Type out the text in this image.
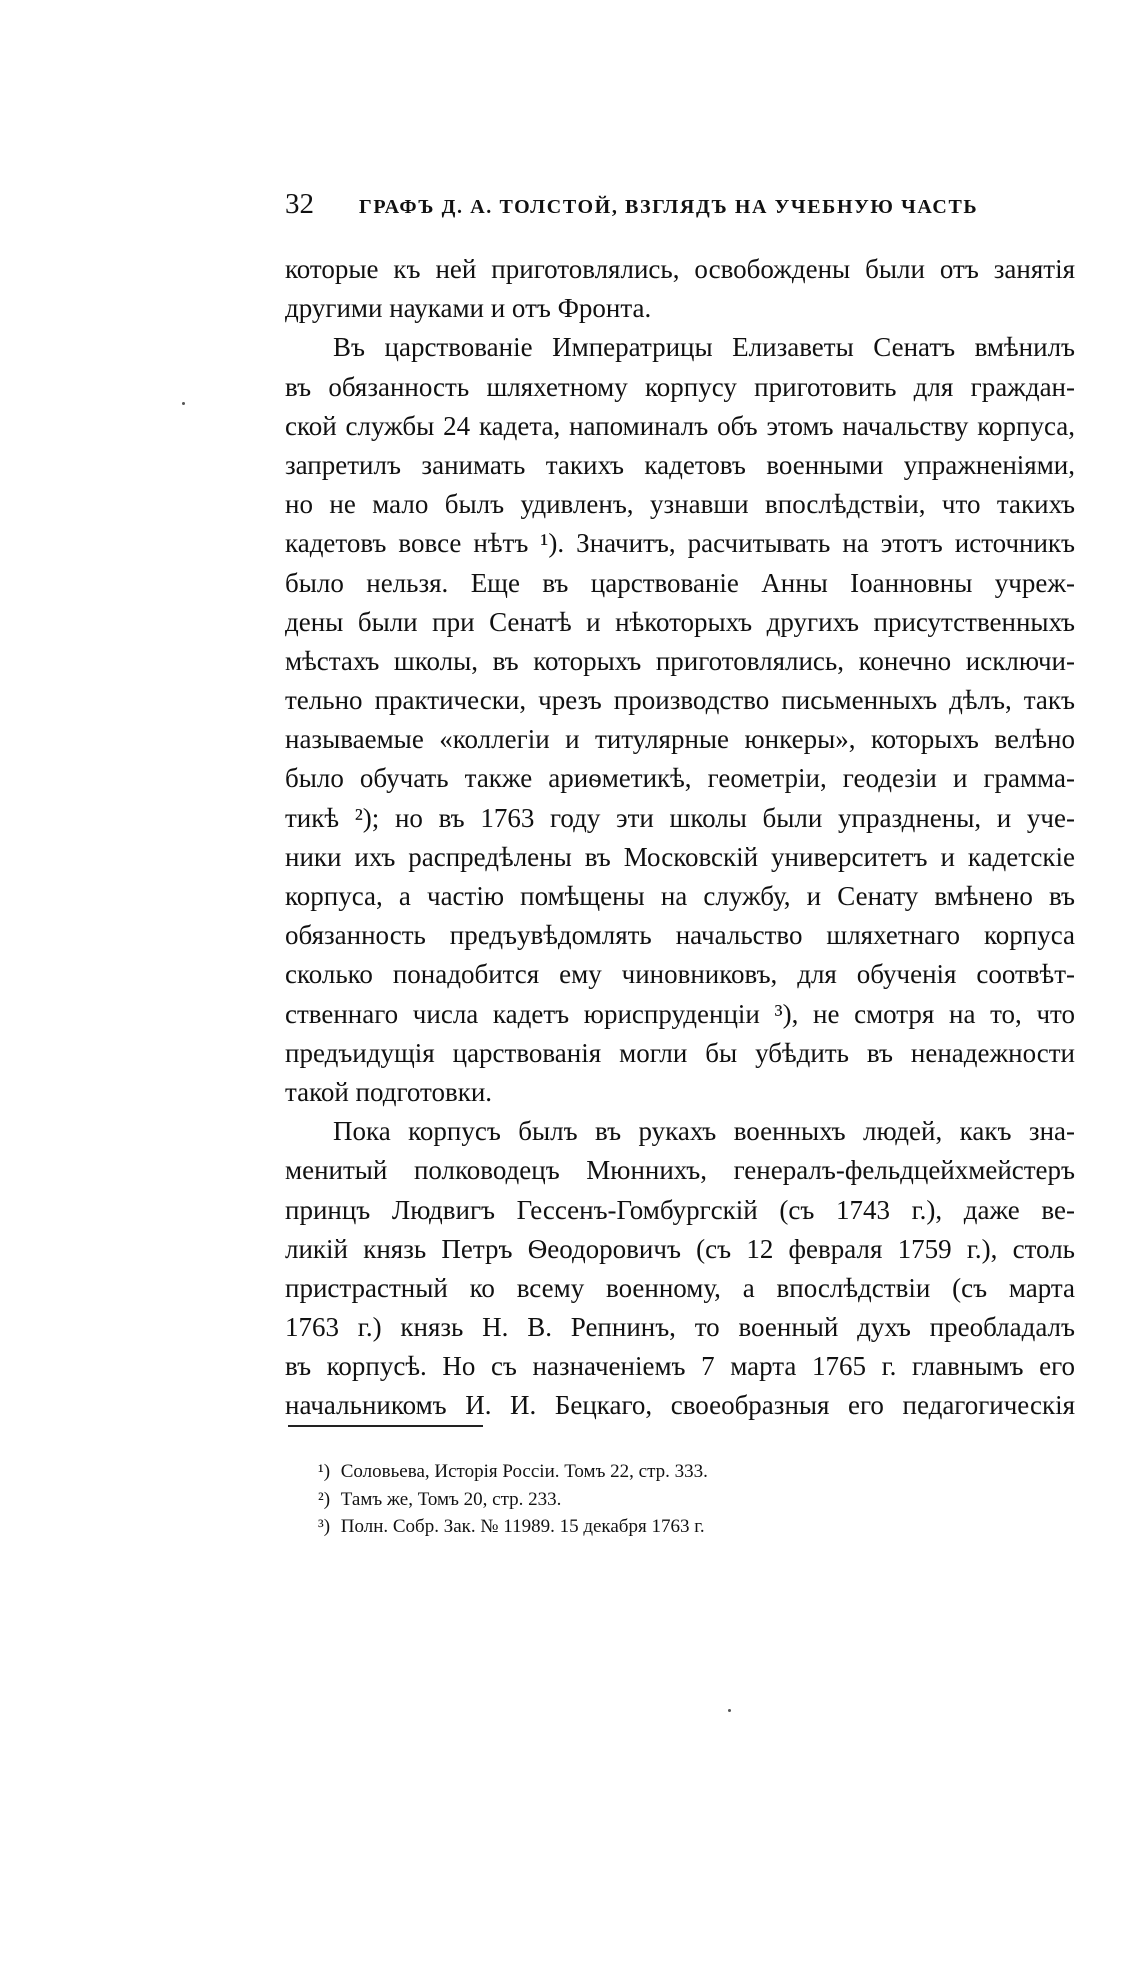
32 ГРАФЪ Д. А. ТОЛСТОЙ, ВЗГЛЯДЪ НА УЧЕБНУЮ ЧАСТЬ
которые къ ней приготовлялись, освобождены были отъ занятія
другими науками и отъ Фронта.
Въ царствованіе Императрицы Елизаветы Сенатъ вмѣнилъ
въ обязанность шляхетному корпусу приготовить для граждан-
ской службы 24 кадета, напоминалъ объ этомъ начальству корпуса,
запретилъ занимать такихъ кадетовъ военными упражненіями,
но не мало былъ удивленъ, узнавши впослѣдствіи, что такихъ
кадетовъ вовсе нѣтъ ¹). Значитъ, расчитывать на этотъ источникъ
было нельзя. Еще въ царствованіе Анны Іоанновны учреж-
дены были при Сенатѣ и нѣкоторыхъ другихъ присутственныхъ
мѣстахъ школы, въ которыхъ приготовлялись, конечно исключи-
тельно практически, чрезъ производство письменныхъ дѣлъ, такъ
называемые «коллегіи и титулярные юнкеры», которыхъ велѣно
было обучать также ариѳметикѣ, геометріи, геодезіи и грамма-
тикѣ ²); но въ 1763 году эти школы были упразднены, и уче-
ники ихъ распредѣлены въ Московскій университетъ и кадетскіе
корпуса, а частію помѣщены на службу, и Сенату вмѣнено въ
обязанность предъувѣдомлять начальство шляхетнаго корпуса
сколько понадобится ему чиновниковъ, для обученія соотвѣт-
ственнаго числа кадетъ юриспруденціи ³), не смотря на то, что
предъидущія царствованія могли бы убѣдить въ ненадежности
такой подготовки.
Пока корпусъ былъ въ рукахъ военныхъ людей, какъ зна-
менитый полководецъ Мюннихъ, генералъ-фельдцейхмейстеръ
принцъ Людвигъ Гессенъ-Гомбургскій (съ 1743 г.), даже ве-
ликій князь Петръ Ѳеодоровичъ (съ 12 февраля 1759 г.), столь
пристрастный ко всему военному, а впослѣдствіи (съ марта
1763 г.) князь Н. В. Репнинъ, то военный духъ преобладалъ
въ корпусѣ. Но съ назначеніемъ 7 марта 1765 г. главнымъ его
начальникомъ И. И. Бецкаго, своеобразныя его педагогическія
¹) Соловьева, Исторія Россіи. Томъ 22, стр. 333.
²) Тамъ же, Томъ 20, стр. 233.
³) Полн. Собр. Зак. № 11989. 15 декабря 1763 г.
